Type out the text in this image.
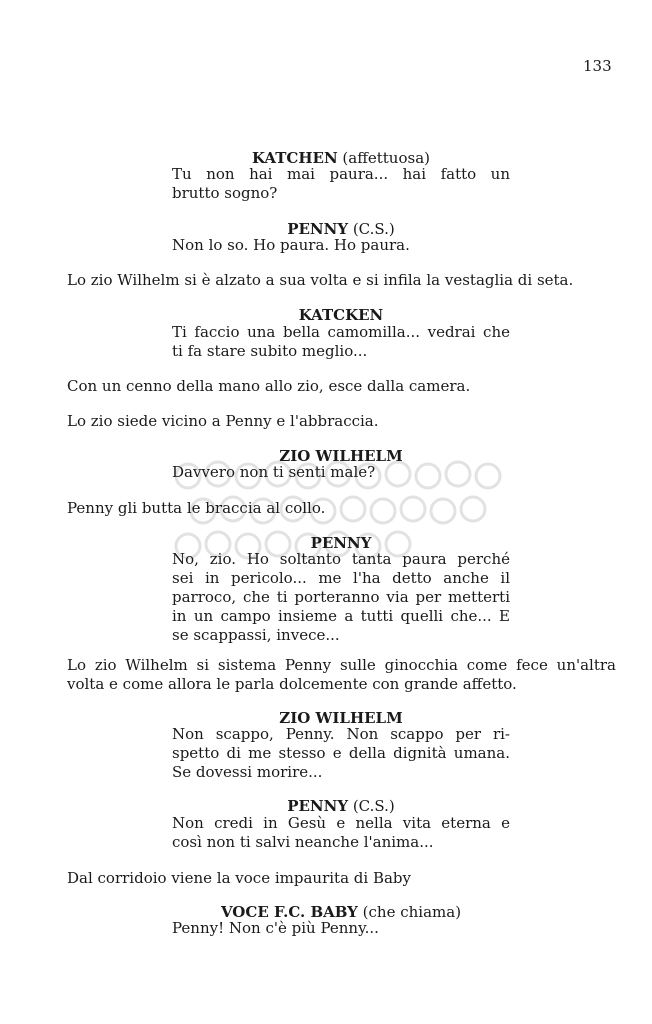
133
KATCHEN (affettuosa)
Tu non hai mai paura... hai fatto un
brutto sogno?
PENNY (C.S.)
Non lo so. Ho paura. Ho paura.
Lo zio Wilhelm si è alzato a sua volta e si infila la vestaglia di seta.
KATCKEN
Ti faccio una bella camomilla... vedrai che
ti fa stare subito meglio...
Con un cenno della mano allo zio, esce dalla camera.
Lo zio siede vicino a Penny e l'abbraccia.
ZIO WILHELM
Davvero non ti senti male?
Penny gli butta le braccia al collo.
PENNY
No, zio. Ho soltanto tanta paura perché
sei in pericolo... me l'ha detto anche il
parroco, che ti porteranno via per metterti
in un campo insieme a tutti quelli che... E
se scappassi, invece...
Lo zio Wilhelm si sistema Penny sulle ginocchia come fece un'altra
volta e come allora le parla dolcemente con grande affetto.
ZIO WILHELM
Non scappo, Penny. Non scappo per ri-
spetto di me stesso e della dignità umana.
Se dovessi morire...
PENNY (C.S.)
Non credi in Gesù e nella vita eterna e
così non ti salvi neanche l'anima...
Dal corridoio viene la voce impaurita di Baby
VOCE F.C. BABY (che chiama)
Penny! Non c'è più Penny...
